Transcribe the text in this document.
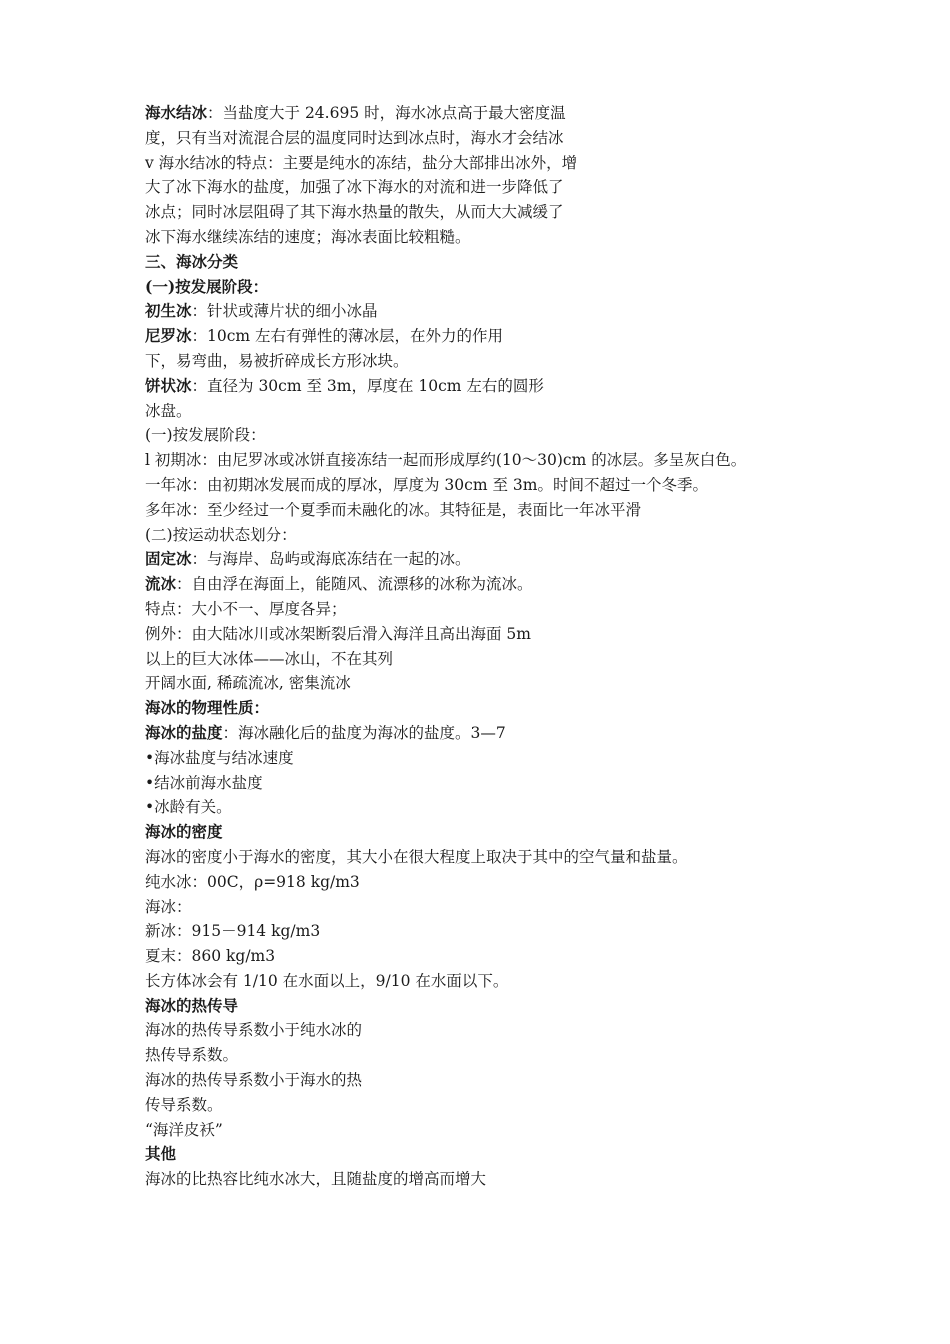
海水结冰：当盐度大于 24.695 时，海水冰点高于最大密度温
度，只有当对流混合层的温度同时达到冰点时，海水才会结冰
v 海水结冰的特点：主要是纯水的冻结，盐分大部排出冰外，增
大了冰下海水的盐度，加强了冰下海水的对流和进一步降低了
冰点；同时冰层阻碍了其下海水热量的散失，从而大大减缓了
冰下海水继续冻结的速度；海冰表面比较粗糙。
三、海冰分类
(一)按发展阶段：
初生冰：针状或薄片状的细小冰晶
尼罗冰：10cm 左右有弹性的薄冰层，在外力的作用
下，易弯曲，易被折碎成长方形冰块。
饼状冰：直径为 30cm 至 3m，厚度在 10cm 左右的圆形
冰盘。
(一)按发展阶段：
l 初期冰：由尼罗冰或冰饼直接冻结一起而形成厚约(10～30)cm 的冰层。多呈灰白色。
一年冰：由初期冰发展而成的厚冰，厚度为 30cm 至 3m。时间不超过一个冬季。
多年冰：至少经过一个夏季而未融化的冰。其特征是，表面比一年冰平滑
(二)按运动状态划分：
固定冰：与海岸、岛屿或海底冻结在一起的冰。
流冰：自由浮在海面上，能随风、流漂移的冰称为流冰。
特点：大小不一、厚度各异；
例外：由大陆冰川或冰架断裂后滑入海洋且高出海面 5m
以上的巨大冰体——冰山，不在其列
开阔水面, 稀疏流冰, 密集流冰
海冰的物理性质：
海冰的盐度：海冰融化后的盐度为海冰的盐度。3—7
•海冰盐度与结冰速度
•结冰前海水盐度
•冰龄有关。
海冰的密度
海冰的密度小于海水的密度，其大小在很大程度上取决于其中的空气量和盐量。
纯水冰：00C，ρ=918 kg/m3
海冰：
新冰：915－914 kg/m3
夏末：860 kg/m3
长方体冰会有 1/10 在水面以上，9/10 在水面以下。
海冰的热传导
海冰的热传导系数小于纯水冰的
热传导系数。
海冰的热传导系数小于海水的热
传导系数。
“海洋皮袄”
其他
海冰的比热容比纯水冰大，且随盐度的增高而增大
